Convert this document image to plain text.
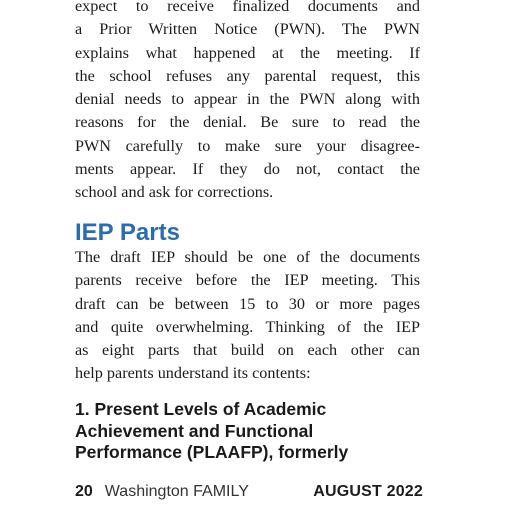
expect to receive finalized documents and
a Prior Written Notice (PWN). The PWN
explains what happened at the meeting. If
the school refuses any parental request, this
denial needs to appear in the PWN along with
reasons for the denial. Be sure to read the
PWN carefully to make sure your disagree-
ments appear. If they do not, contact the
school and ask for corrections.
IEP Parts
The draft IEP should be one of the documents
parents receive before the IEP meeting. This
draft can be between 15 to 30 or more pages
and quite overwhelming. Thinking of the IEP
as eight parts that build on each other can
help parents understand its contents:
1. Present Levels of Academic
Achievement and Functional
Performance (PLAAFP), formerly
20 Washington FAMILY	AUGUST 2022
